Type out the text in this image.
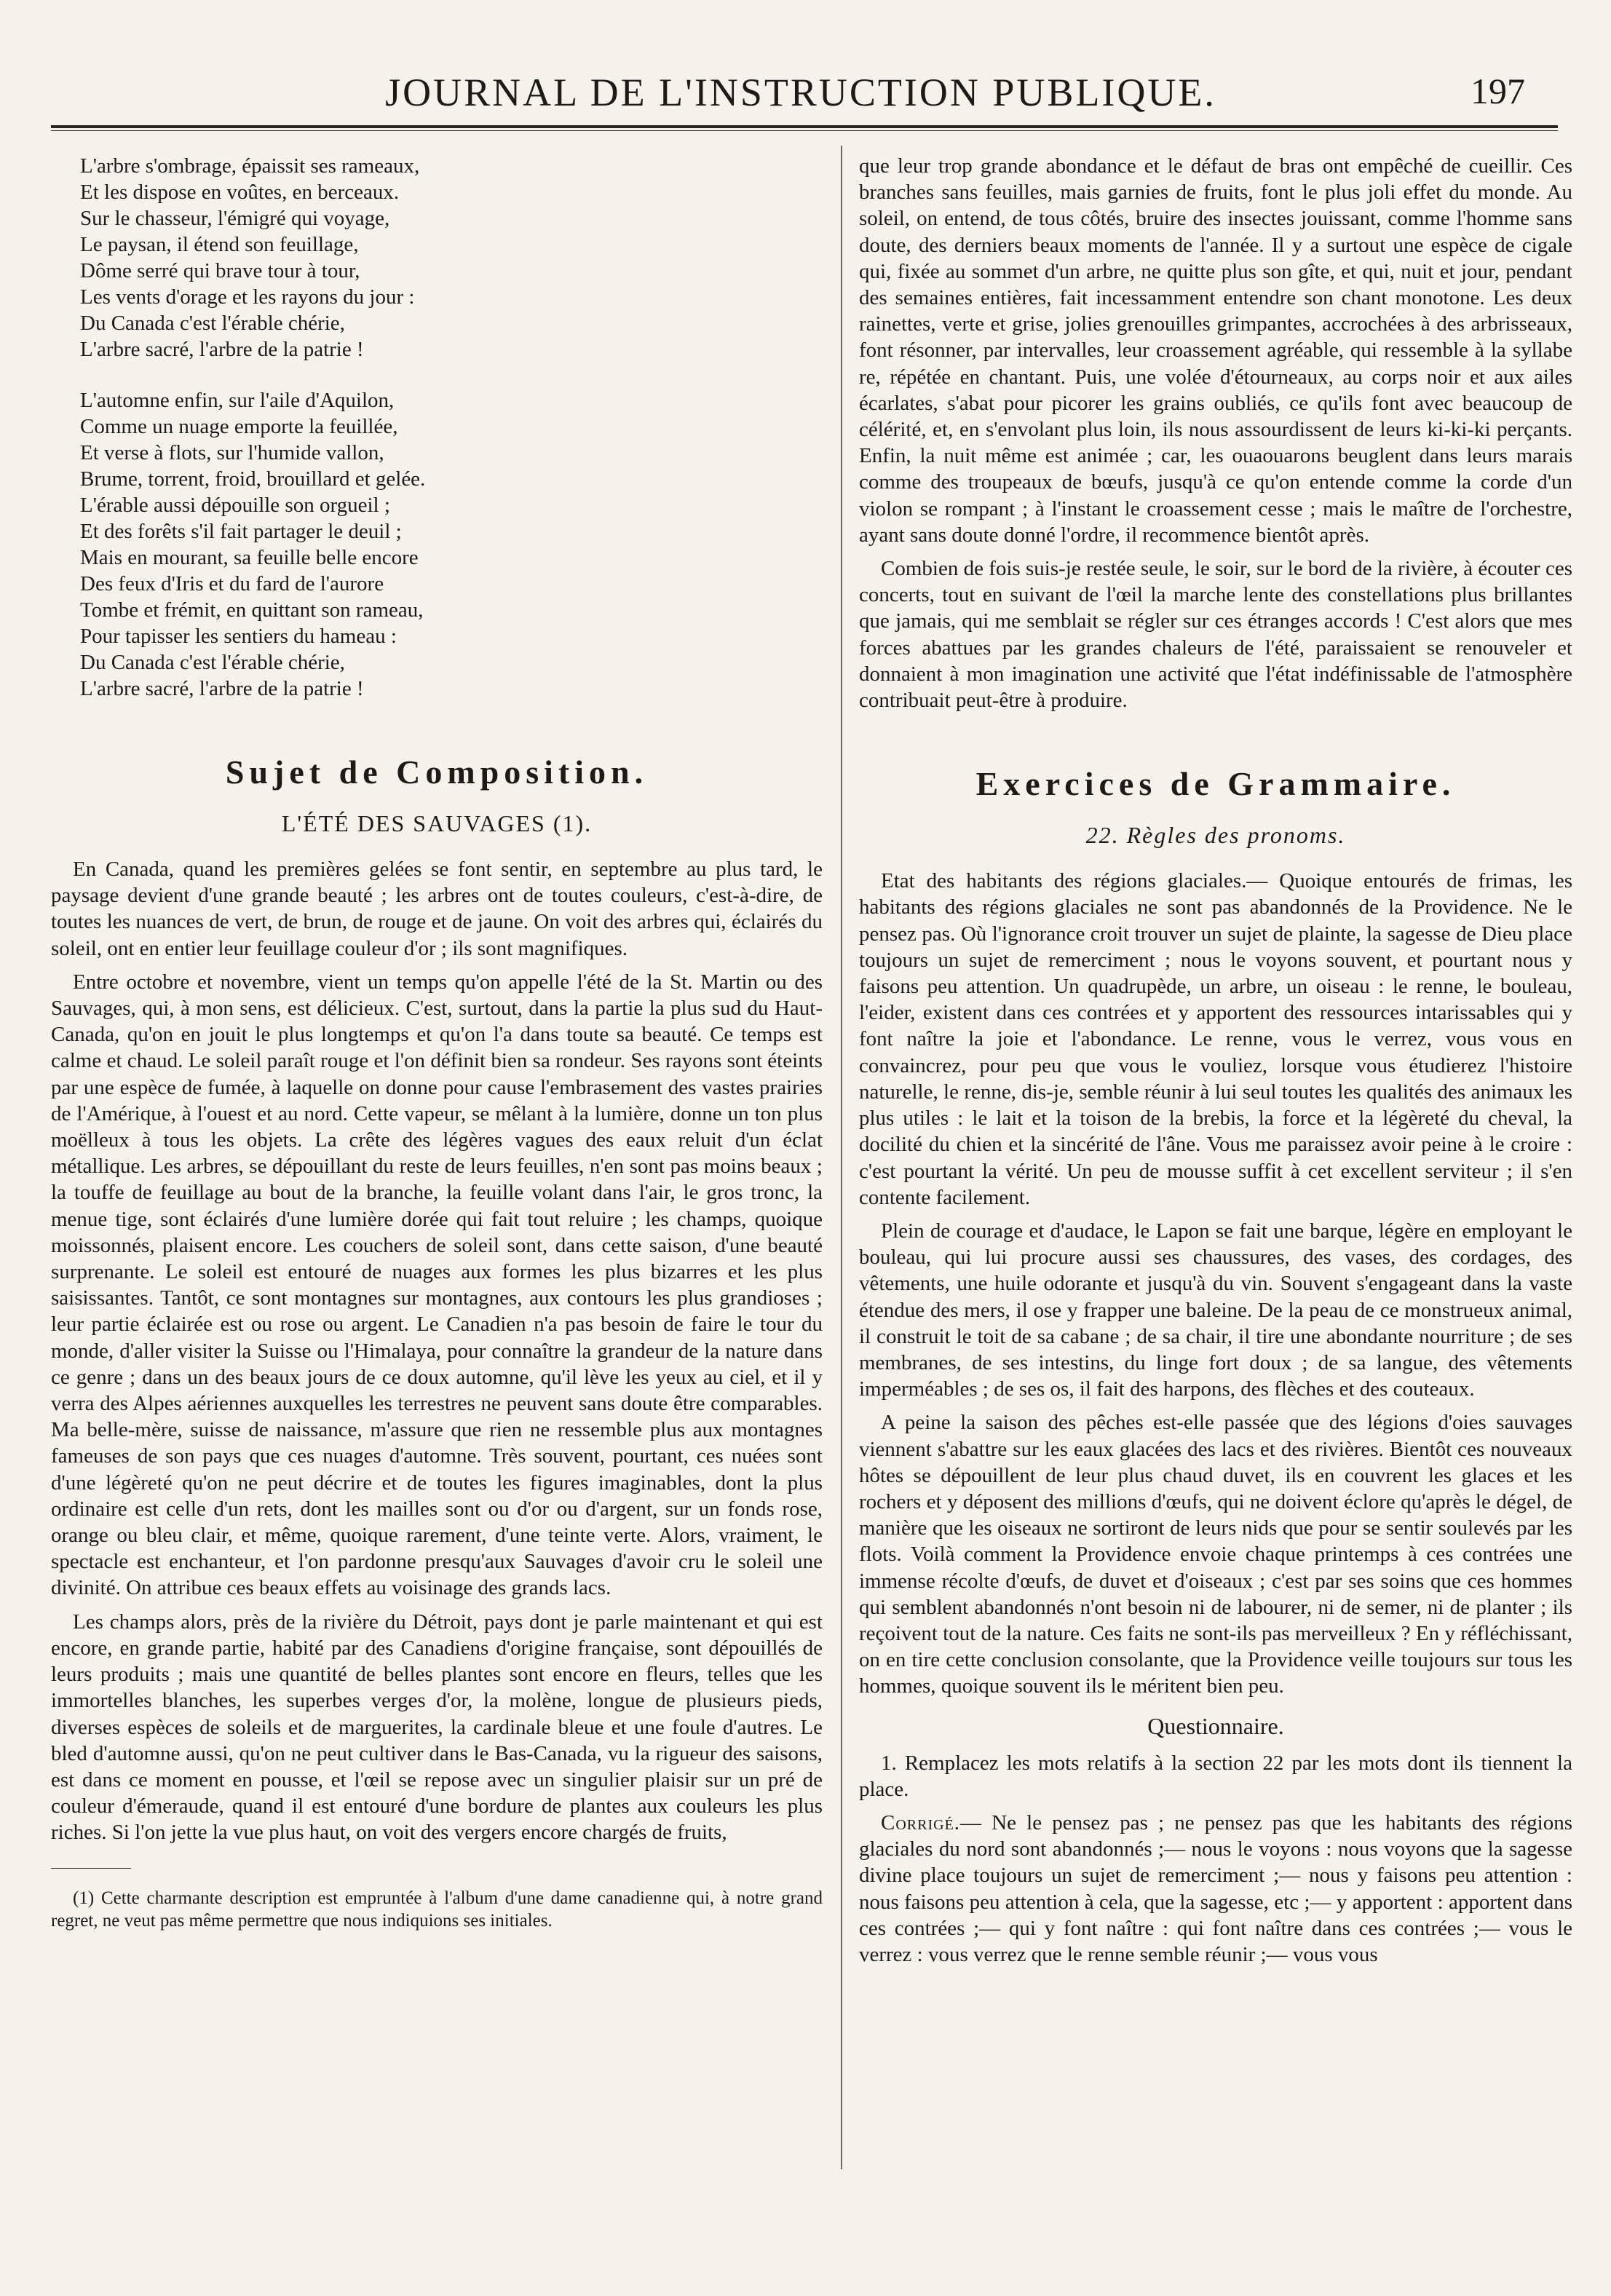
JOURNAL DE L'INSTRUCTION PUBLIQUE.	197
L'arbre s'ombrage, épaissit ses rameaux,
Et les dispose en voûtes, en berceaux.
Sur le chasseur, l'émigré qui voyage,
Le paysan, il étend son feuillage,
Dôme serré qui brave tour à tour,
Les vents d'orage et les rayons du jour :
Du Canada c'est l'érable chérie,
L'arbre sacré, l'arbre de la patrie !
L'automne enfin, sur l'aile d'Aquilon,
Comme un nuage emporte la feuillée,
Et verse à flots, sur l'humide vallon,
Brume, torrent, froid, brouillard et gelée.
L'érable aussi dépouille son orgueil ;
Et des forêts s'il fait partager le deuil ;
Mais en mourant, sa feuille belle encore
Des feux d'Iris et du fard de l'aurore
Tombe et frémit, en quittant son rameau,
Pour tapisser les sentiers du hameau :
Du Canada c'est l'érable chérie,
L'arbre sacré, l'arbre de la patrie !
Sujet de Composition.
L'ÉTÉ DES SAUVAGES (1).

En Canada, quand les premières gelées se font sentir, en septembre au plus tard, le paysage devient d'une grande beauté ; les arbres ont de toutes couleurs, c'est-à-dire, de toutes les nuances de vert, de brun, de rouge et de jaune. On voit des arbres qui, éclairés du soleil, ont en entier leur feuillage couleur d'or ; ils sont magnifiques.

Entre octobre et novembre, vient un temps qu'on appelle l'été de la St. Martin ou des Sauvages, qui, à mon sens, est délicieux. C'est, surtout, dans la partie la plus sud du Haut-Canada, qu'on en jouit le plus longtemps et qu'on l'a dans toute sa beauté. Ce temps est calme et chaud. Le soleil paraît rouge et l'on définit bien sa rondeur. Ses rayons sont éteints par une espèce de fumée, à laquelle on donne pour cause l'embrasement des vastes prairies de l'Amérique, à l'ouest et au nord. Cette vapeur, se mêlant à la lumière, donne un ton plus moëlleux à tous les objets. La crête des légères vagues des eaux reluit d'un éclat métallique. Les arbres, se dépouillant du reste de leurs feuilles, n'en sont pas moins beaux ; la touffe de feuillage au bout de la branche, la feuille volant dans l'air, le gros tronc, la menue tige, sont éclairés d'une lumière dorée qui fait tout reluire ; les champs, quoique moissonnés, plaisent encore. Les couchers de soleil sont, dans cette saison, d'une beauté surprenante. Le soleil est entouré de nuages aux formes les plus bizarres et les plus saisissantes. Tantôt, ce sont montagnes sur montagnes, aux contours les plus grandioses ; leur partie éclairée est ou rose ou argent. Le Canadien n'a pas besoin de faire le tour du monde, d'aller visiter la Suisse ou l'Himalaya, pour connaître la grandeur de la nature dans ce genre ; dans un des beaux jours de ce doux automne, qu'il lève les yeux au ciel, et il y verra des Alpes aériennes auxquelles les terrestres ne peuvent sans doute être comparables. Ma belle-mère, suisse de naissance, m'assure que rien ne ressemble plus aux montagnes fameuses de son pays que ces nuages d'automne. Très souvent, pourtant, ces nuées sont d'une légèreté qu'on ne peut décrire et de toutes les figures imaginables, dont la plus ordinaire est celle d'un rets, dont les mailles sont ou d'or ou d'argent, sur un fonds rose, orange ou bleu clair, et même, quoique rarement, d'une teinte verte. Alors, vraiment, le spectacle est enchanteur, et l'on pardonne presqu'aux Sauvages d'avoir cru le soleil une divinité. On attribue ces beaux effets au voisinage des grands lacs.

Les champs alors, près de la rivière du Détroit, pays dont je parle maintenant et qui est encore, en grande partie, habité par des Canadiens d'origine française, sont dépouillés de leurs produits ; mais une quantité de belles plantes sont encore en fleurs, telles que les immortelles blanches, les superbes verges d'or, la molène, longue de plusieurs pieds, diverses espèces de soleils et de marguerites, la cardinale bleue et une foule d'autres. Le bled d'automne aussi, qu'on ne peut cultiver dans le Bas-Canada, vu la rigueur des saisons, est dans ce moment en pousse, et l'œil se repose avec un singulier plaisir sur un pré de couleur d'émeraude, quand il est entouré d'une bordure de plantes aux couleurs les plus riches. Si l'on jette la vue plus haut, on voit des vergers encore chargés de fruits,

(1) Cette charmante description est empruntée à l'album d'une dame canadienne qui, à notre grand regret, ne veut pas même permettre que nous indiquions ses initiales.

que leur trop grande abondance et le défaut de bras ont empêché de cueillir. Ces branches sans feuilles, mais garnies de fruits, font le plus joli effet du monde. Au soleil, on entend, de tous côtés, bruire des insectes jouissant, comme l'homme sans doute, des derniers beaux moments de l'année. Il y a surtout une espèce de cigale qui, fixée au sommet d'un arbre, ne quitte plus son gîte, et qui, nuit et jour, pendant des semaines entières, fait incessamment entendre son chant monotone. Les deux rainettes, verte et grise, jolies grenouilles grimpantes, accrochées à des arbrisseaux, font résonner, par intervalles, leur croassement agréable, qui ressemble à la syllabe re, répétée en chantant. Puis, une volée d'étourneaux, au corps noir et aux ailes écarlates, s'abat pour picorer les grains oubliés, ce qu'ils font avec beaucoup de célérité, et, en s'envolant plus loin, ils nous assourdissent de leurs ki-ki-ki perçants. Enfin, la nuit même est animée ; car, les ouaouarons beuglent dans leurs marais comme des troupeaux de bœufs, jusqu'à ce qu'on entende comme la corde d'un violon se rompant ; à l'instant le croassement cesse ; mais le maître de l'orchestre, ayant sans doute donné l'ordre, il recommence bientôt après.

Combien de fois suis-je restée seule, le soir, sur le bord de la rivière, à écouter ces concerts, tout en suivant de l'œil la marche lente des constellations plus brillantes que jamais, qui me semblait se régler sur ces étranges accords ! C'est alors que mes forces abattues par les grandes chaleurs de l'été, paraissaient se renouveler et donnaient à mon imagination une activité que l'état indéfinissable de l'atmosphère contribuait peut-être à produire.

Exercices de Grammaire.
22. Règles des pronoms.

Etat des habitants des régions glaciales.— Quoique entourés de frimas, les habitants des régions glaciales ne sont pas abandonnés de la Providence. Ne le pensez pas. Où l'ignorance croit trouver un sujet de plainte, la sagesse de Dieu place toujours un sujet de remerciment ; nous le voyons souvent, et pourtant nous y faisons peu attention. Un quadrupède, un arbre, un oiseau : le renne, le bouleau, l'eider, existent dans ces contrées et y apportent des ressources intarissables qui y font naître la joie et l'abondance. Le renne, vous le verrez, vous vous en convaincrez, pour peu que vous le vouliez, lorsque vous étudierez l'histoire naturelle, le renne, dis-je, semble réunir à lui seul toutes les qualités des animaux les plus utiles : le lait et la toison de la brebis, la force et la légèreté du cheval, la docilité du chien et la sincérité de l'âne. Vous me paraissez avoir peine à le croire : c'est pourtant la vérité. Un peu de mousse suffit à cet excellent serviteur ; il s'en contente facilement.

Plein de courage et d'audace, le Lapon se fait une barque, légère en employant le bouleau, qui lui procure aussi ses chaussures, des vases, des cordages, des vêtements, une huile odorante et jusqu'à du vin. Souvent s'engageant dans la vaste étendue des mers, il ose y frapper une baleine. De la peau de ce monstrueux animal, il construit le toit de sa cabane ; de sa chair, il tire une abondante nourriture ; de ses membranes, de ses intestins, du linge fort doux ; de sa langue, des vêtements imperméables ; de ses os, il fait des harpons, des flèches et des couteaux.

A peine la saison des pêches est-elle passée que des légions d'oies sauvages viennent s'abattre sur les eaux glacées des lacs et des rivières. Bientôt ces nouveaux hôtes se dépouillent de leur plus chaud duvet, ils en couvrent les glaces et les rochers et y déposent des millions d'œufs, qui ne doivent éclore qu'après le dégel, de manière que les oiseaux ne sortiront de leurs nids que pour se sentir soulevés par les flots. Voilà comment la Providence envoie chaque printemps à ces contrées une immense récolte d'œufs, de duvet et d'oiseaux ; c'est par ses soins que ces hommes qui semblent abandonnés n'ont besoin ni de labourer, ni de semer, ni de planter ; ils reçoivent tout de la nature. Ces faits ne sont-ils pas merveilleux ? En y réfléchissant, on en tire cette conclusion consolante, que la Providence veille toujours sur tous les hommes, quoique souvent ils le méritent bien peu.

Questionnaire.

1. Remplacez les mots relatifs à la section 22 par les mots dont ils tiennent la place.

Corrigé.— Ne le pensez pas ; ne pensez pas que les habitants des régions glaciales du nord sont abandonnés ;— nous le voyons : nous voyons que la sagesse divine place toujours un sujet de remerciment ;— nous y faisons peu attention : nous faisons peu attention à cela, que la sagesse, etc ;— y apportent : apportent dans ces contrées ;— qui y font naître : qui font naître dans ces contrées ;— vous le verrez : vous verrez que le renne semble réunir ;— vous vous
